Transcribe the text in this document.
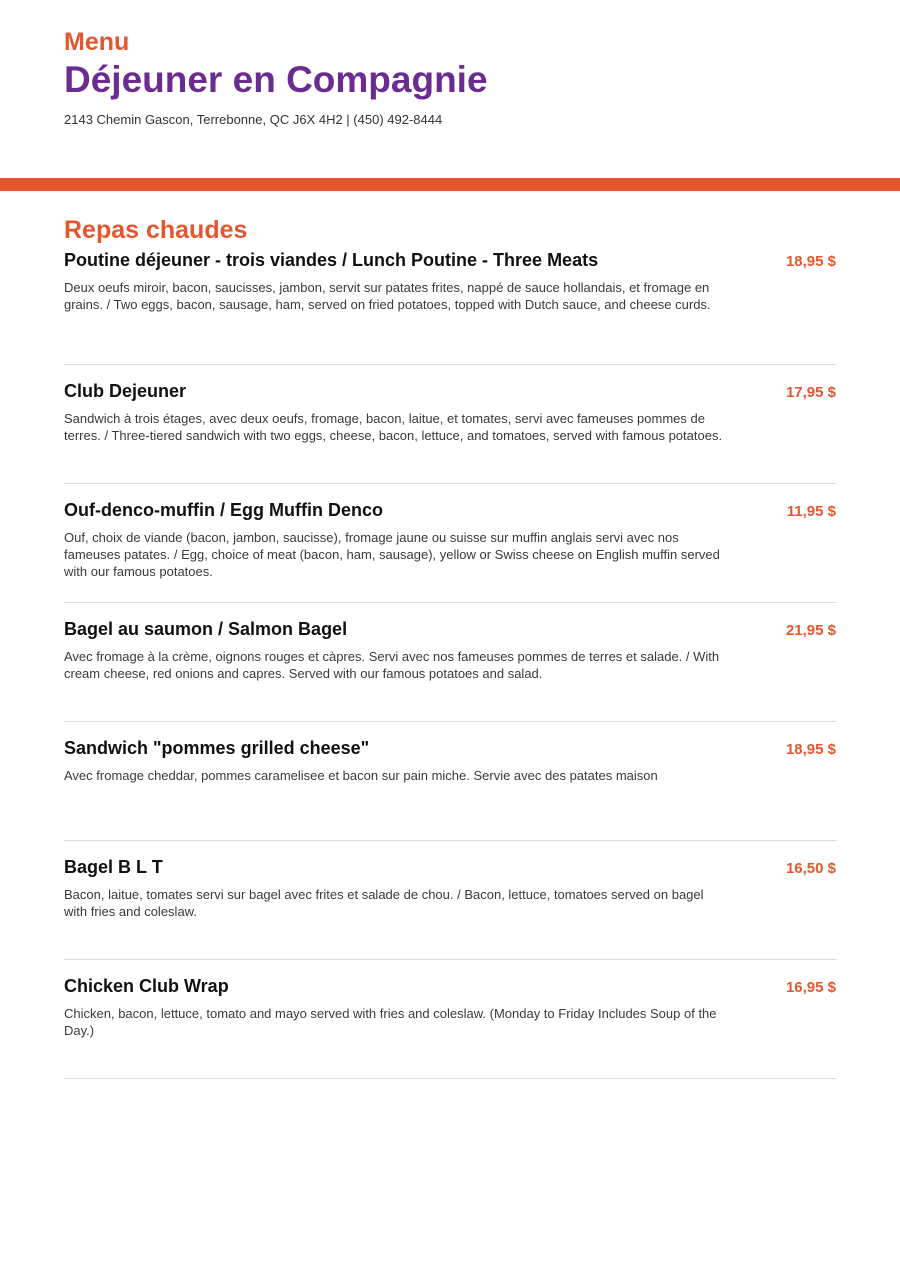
Menu
Déjeuner en Compagnie
2143 Chemin Gascon, Terrebonne, QC J6X 4H2 | (450) 492-8444
Repas chaudes
Poutine déjeuner - trois viandes / Lunch Poutine - Three Meats	18,95 $
Deux oeufs miroir, bacon, saucisses, jambon, servit sur patates frites, nappé de sauce hollandais, et fromage en grains. / Two eggs, bacon, sausage, ham, served on fried potatoes, topped with Dutch sauce, and cheese curds.
Club Dejeuner	17,95 $
Sandwich à trois étages, avec deux oeufs, fromage, bacon, laitue, et tomates, servi avec fameuses pommes de terres. / Three-tiered sandwich with two eggs, cheese, bacon, lettuce, and tomatoes, served with famous potatoes.
Ouf-denco-muffin / Egg Muffin Denco	11,95 $
Ouf, choix de viande (bacon, jambon, saucisse), fromage jaune ou suisse sur muffin anglais servi avec nos fameuses patates. / Egg, choice of meat (bacon, ham, sausage), yellow or Swiss cheese on English muffin served with our famous potatoes.
Bagel au saumon / Salmon Bagel	21,95 $
Avec fromage à la crème, oignons rouges et càpres. Servi avec nos fameuses pommes de terres et salade. / With cream cheese, red onions and capres. Served with our famous potatoes and salad.
Sandwich "pommes grilled cheese"	18,95 $
Avec fromage cheddar, pommes caramelisee et bacon sur pain miche. Servie avec des patates maison
Bagel B L T	16,50 $
Bacon, laitue, tomates servi sur bagel avec frites et salade de chou. / Bacon, lettuce, tomatoes served on bagel with fries and coleslaw.
Chicken Club Wrap	16,95 $
Chicken, bacon, lettuce, tomato and mayo served with fries and coleslaw. (Monday to Friday Includes Soup of the Day.)
